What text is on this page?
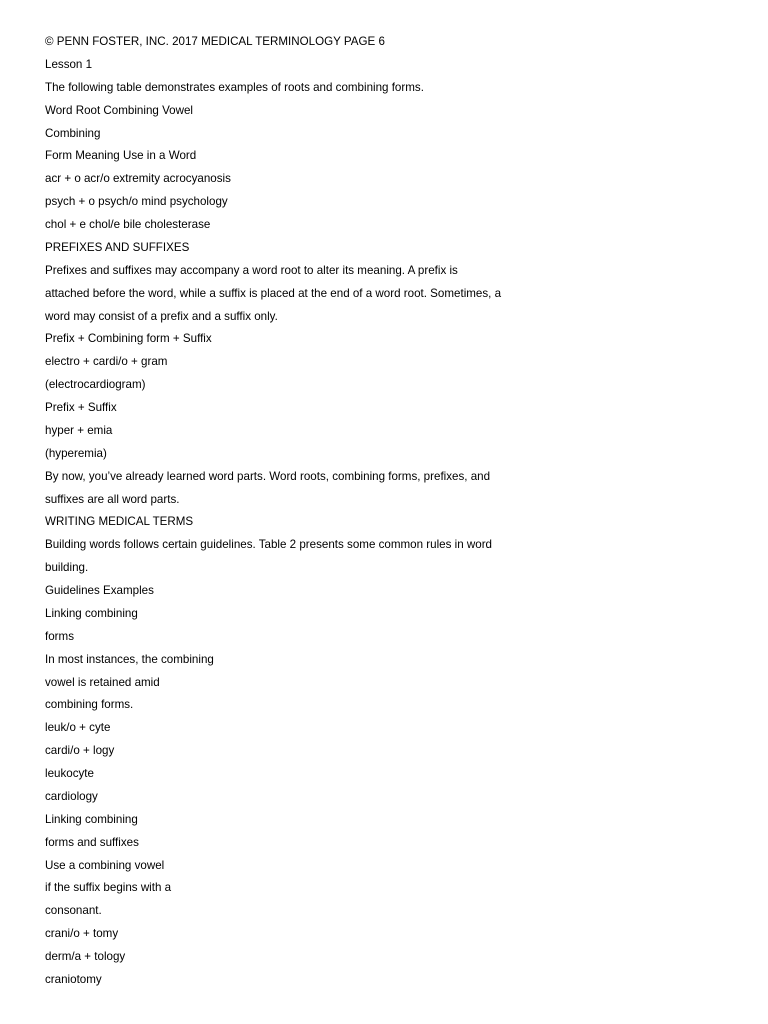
© PENN FOSTER, INC. 2017 MEDICAL TERMINOLOGY PAGE 6
Lesson 1
The following table demonstrates examples of roots and combining forms.
Word Root Combining Vowel
Combining
Form Meaning Use in a Word
acr + o acr/o extremity acrocyanosis
psych + o psych/o mind psychology
chol + e chol/e bile cholesterase
PREFIXES AND SUFFIXES
Prefixes and suffixes may accompany a word root to alter its meaning. A prefix is
attached before the word, while a suffix is placed at the end of a word root. Sometimes, a
word may consist of a prefix and a suffix only.
Prefix + Combining form + Suffix
electro + cardi/o + gram
(electrocardiogram)
Prefix + Suffix
hyper + emia
(hyperemia)
By now, you’ve already learned word parts. Word roots, combining forms, prefixes, and
suffixes are all word parts.
WRITING MEDICAL TERMS
Building words follows certain guidelines. Table 2 presents some common rules in word
building.
Guidelines Examples
Linking combining
forms
In most instances, the combining
vowel is retained amid
combining forms.
leuk/o + cyte
cardi/o + logy
leukocyte
cardiology
Linking combining
forms and suffixes
Use a combining vowel
if the suffix begins with a
consonant.
crani/o + tomy
derm/a + tology
craniotomy
